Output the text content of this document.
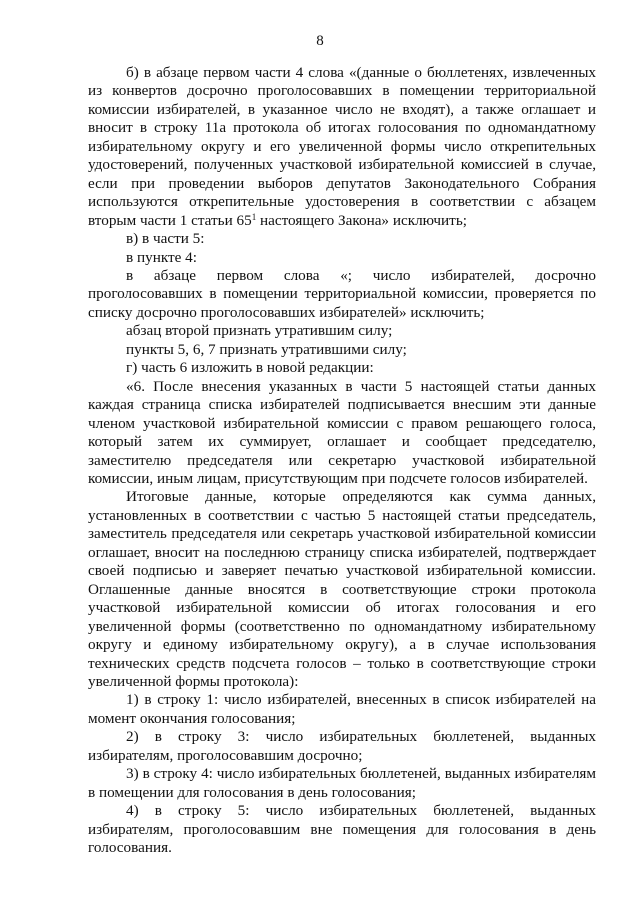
8

б) в абзаце первом части 4 слова «(данные о бюллетенях, извлеченных из конвертов досрочно проголосовавших в помещении территориальной комиссии избирателей, в указанное число не входят), а также оглашает и вносит в строку 11а протокола об итогах голосования по одномандатному избирательному округу и его увеличенной формы число открепительных удостоверений, полученных участковой избирательной комиссией в случае, если при проведении выборов депутатов Законодательного Собрания используются открепительные удостоверения в соответствии с абзацем вторым части 1 статьи $65^1$ настоящего Закона» исключить;

в) в части 5:

в пункте 4:

в абзаце первом слова «; число избирателей, досрочно проголосовавших в помещении территориальной комиссии, проверяется по списку досрочно проголосовавших избирателей» исключить;

абзац второй признать утратившим силу;

пункты 5, 6, 7 признать утратившими силу;

г) часть 6 изложить в новой редакции:

«6. После внесения указанных в части 5 настоящей статьи данных каждая страница списка избирателей подписывается внесшим эти данные членом участковой избирательной комиссии с правом решающего голоса, который затем их суммирует, оглашает и сообщает председателю, заместителю председателя или секретарю участковой избирательной комиссии, иным лицам, присутствующим при подсчете голосов избирателей.

Итоговые данные, которые определяются как сумма данных, установленных в соответствии с частью 5 настоящей статьи председатель, заместитель председателя или секретарь участковой избирательной комиссии оглашает, вносит на последнюю страницу списка избирателей, подтверждает своей подписью и заверяет печатью участковой избирательной комиссии. Оглашенные данные вносятся в соответствующие строки протокола участковой избирательной комиссии об итогах голосования и его увеличенной формы (соответственно по одномандатному избирательному округу и единому избирательному округу), а в случае использования технических средств подсчета голосов – только в соответствующие строки увеличенной формы протокола):

1) в строку 1: число избирателей, внесенных в список избирателей на момент окончания голосования;

2) в строку 3: число избирательных бюллетеней, выданных избирателям, проголосовавшим досрочно;

3) в строку 4: число избирательных бюллетеней, выданных избирателям в помещении для голосования в день голосования;

4) в строку 5: число избирательных бюллетеней, выданных избирателям, проголосовавшим вне помещения для голосования в день голосования.
